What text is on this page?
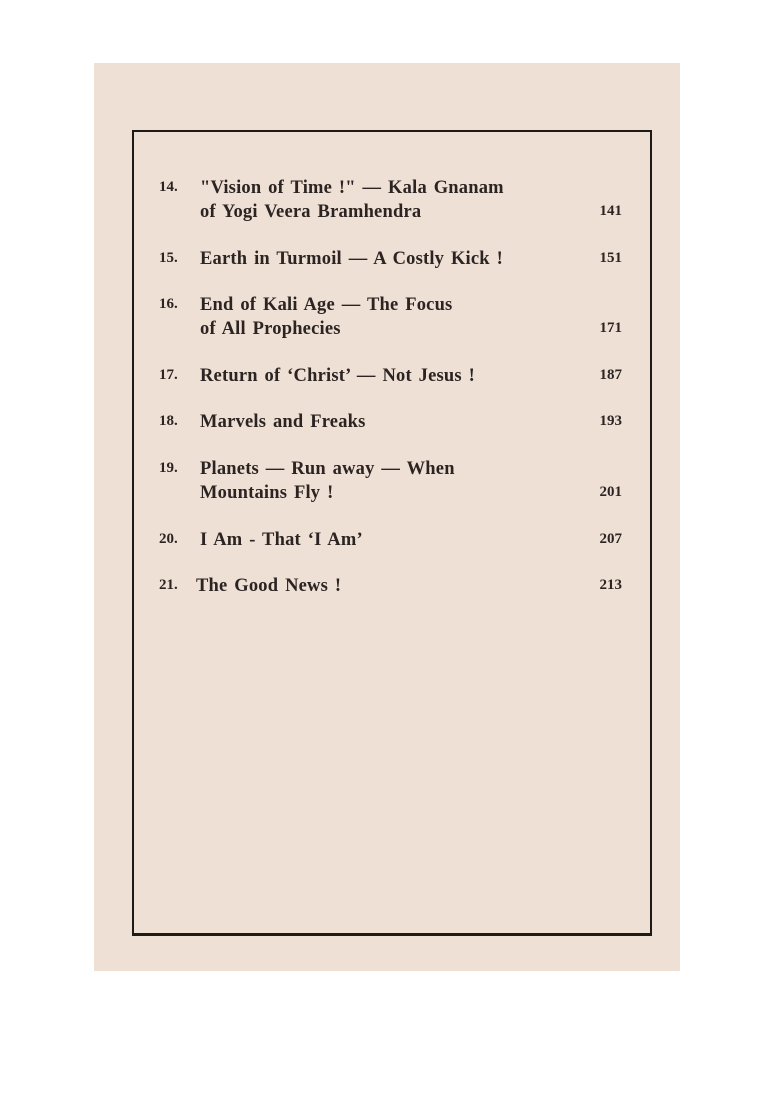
14. "Vision of Time !" — Kala Gnanam
of Yogi Veera Bramhendra	141
15. Earth in Turmoil — A Costly Kick !	151
16. End of Kali Age — The Focus
of All Prophecies	171
17. Return of ‘Christ’ — Not Jesus !	187
18. Marvels and Freaks	193
19. Planets — Run away — When
Mountains Fly !	201
20. I Am - That ‘I Am’	207
21. The Good News !	213
